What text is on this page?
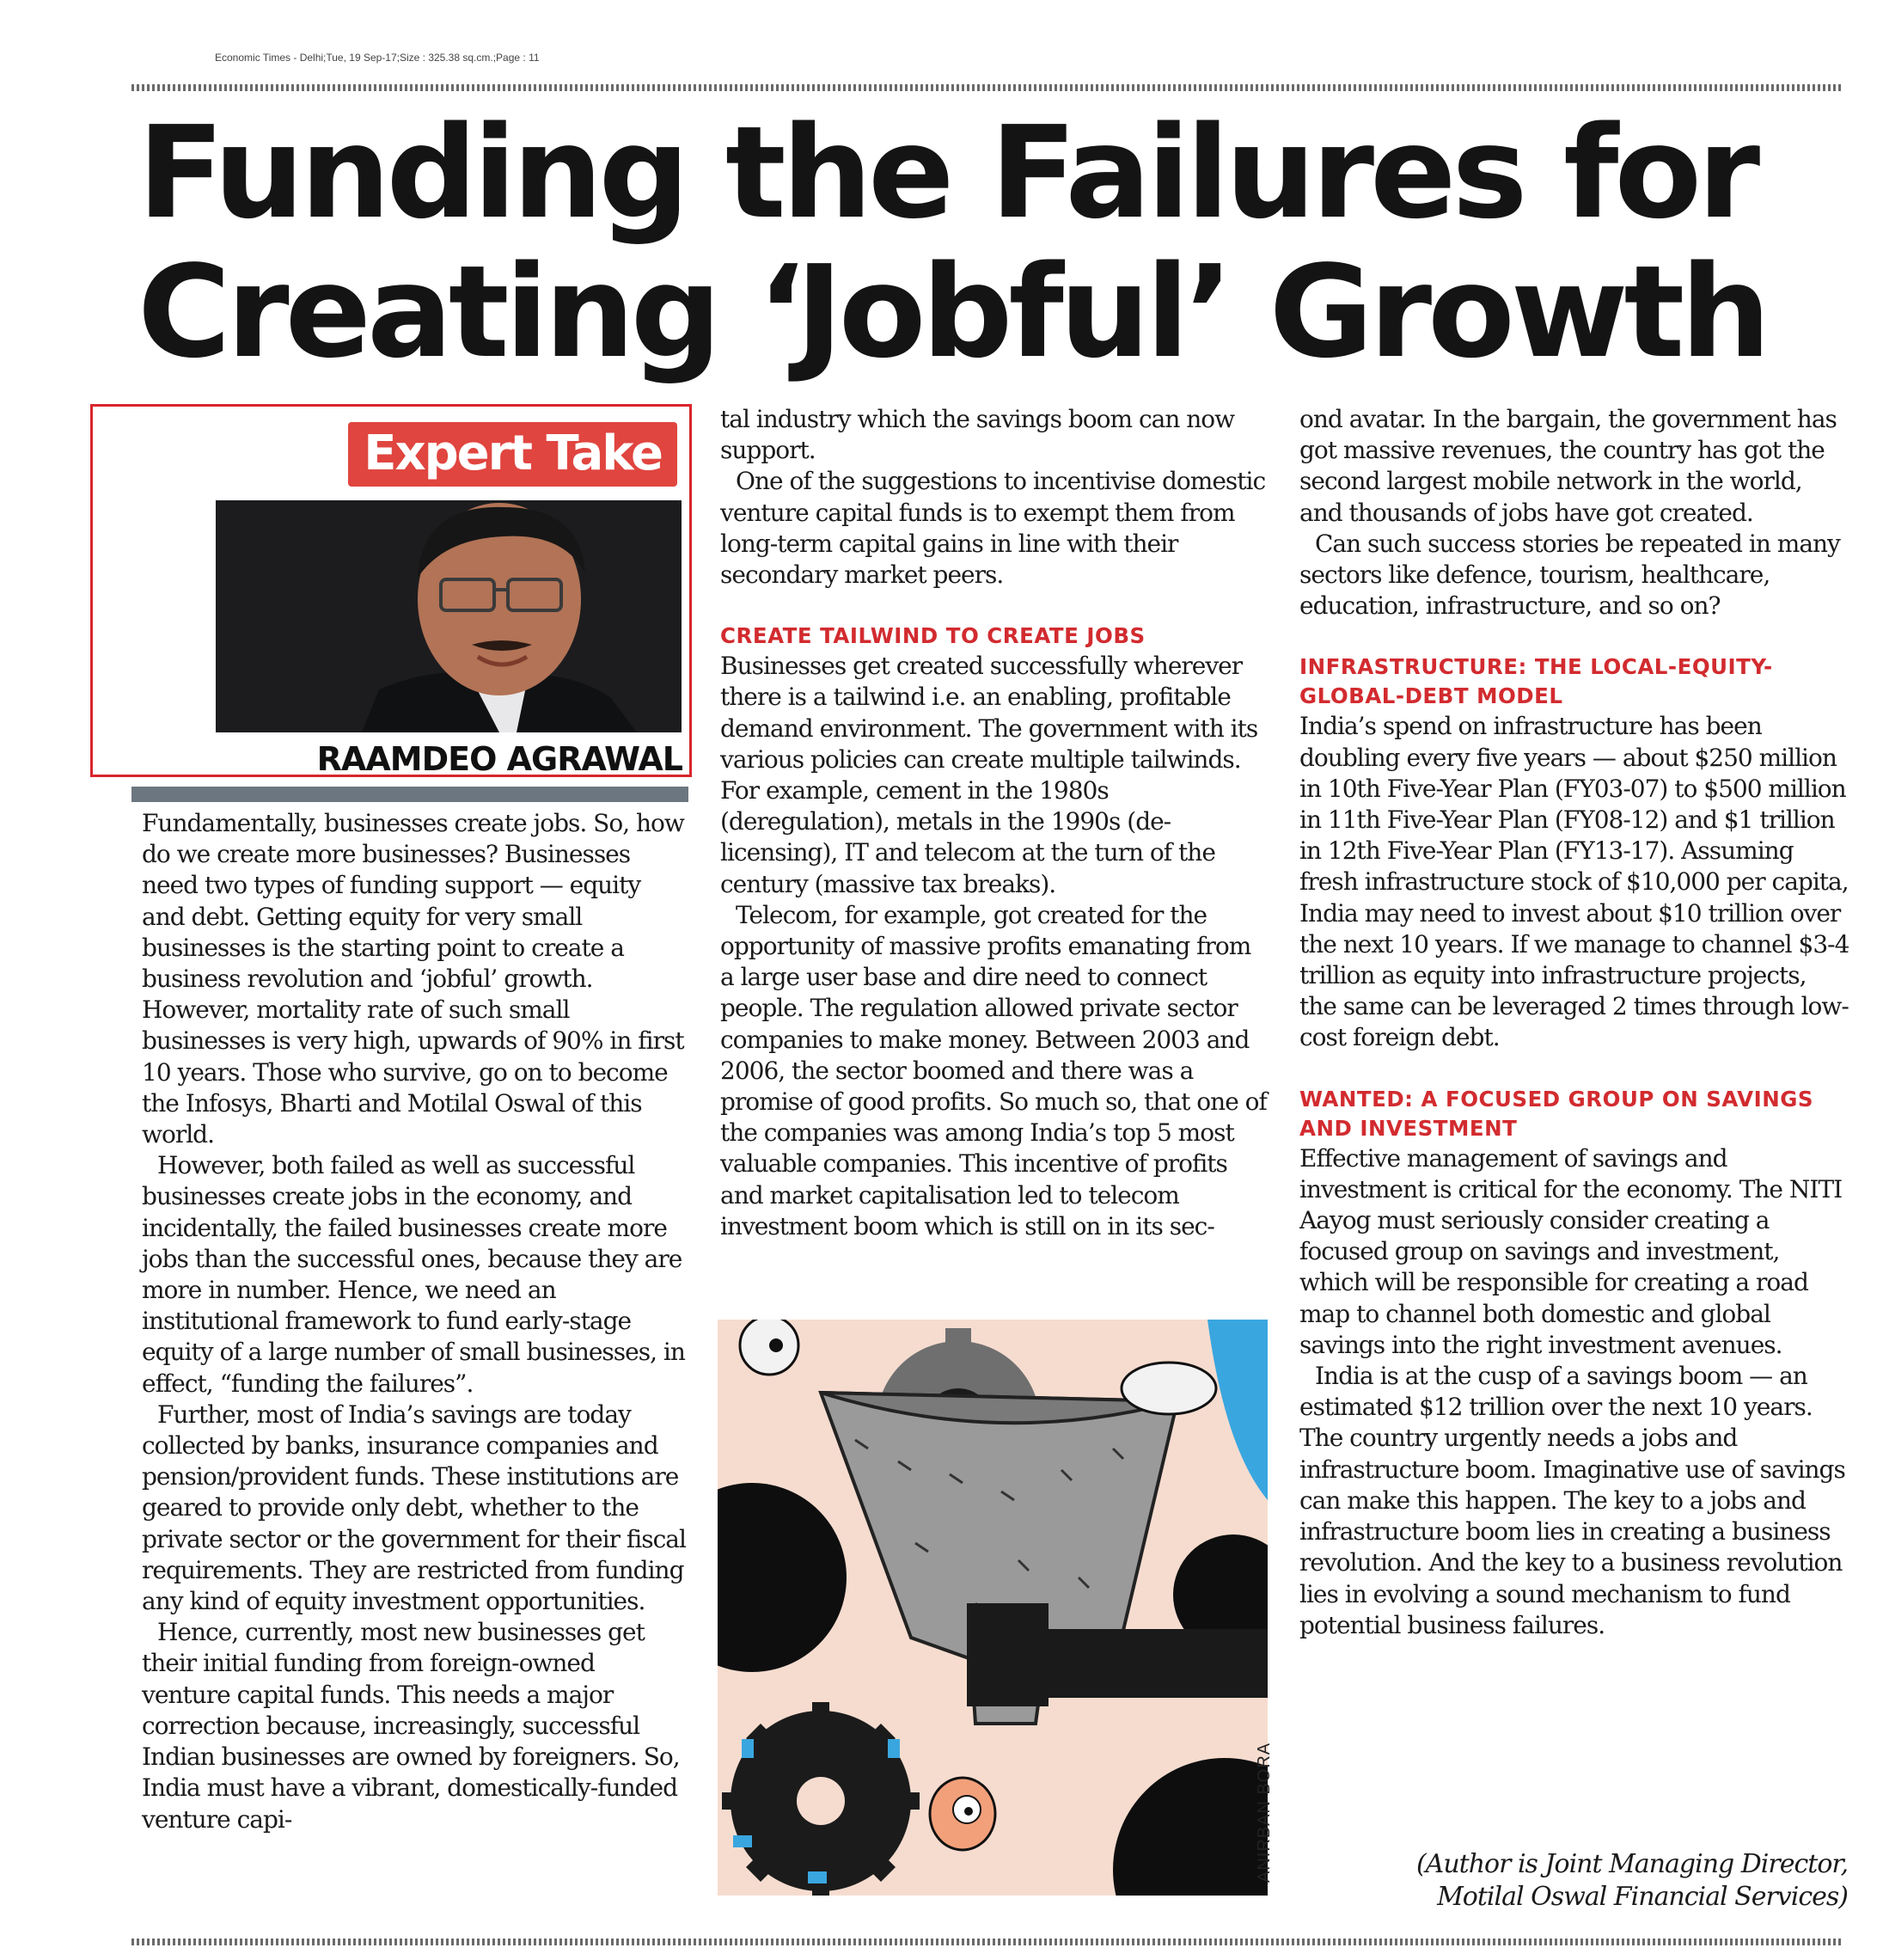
Economic Times - Delhi;Tue, 19 Sep-17;Size : 325.38 sq.cm.;Page : 11
Funding the Failures for
Creating ‘Jobful’ Growth
Expert Take
RAAMDEO AGRAWAL

Fundamentally, businesses create jobs. So, how do we create more businesses? Businesses need two types of funding support — equity and debt. Getting equity for very small businesses is the starting point to create a business revolution and ‘jobful’ growth. However, mortality rate of such small businesses is very high, upwards of 90% in first 10 years. Those who survive, go on to become the Infosys, Bharti and Motilal Oswal of this world.

However, both failed as well as successful businesses create jobs in the economy, and incidentally, the failed businesses create more jobs than the successful ones, because they are more in number. Hence, we need an institutional framework to fund early-stage equity of a large number of small businesses, in effect, “funding the failures”.

Further, most of India’s savings are today collected by banks, insurance companies and pension/provident funds. These institutions are geared to provide only debt, whether to the private sector or the government for their fiscal requirements. They are restricted from funding any kind of equity investment opportunities.

Hence, currently, most new businesses get their initial funding from foreign-owned venture capital funds. This needs a major correction because, increasingly, successful Indian businesses are owned by foreigners. So, India must have a vibrant, domestically-funded venture capi-

tal industry which the savings boom can now support.

One of the suggestions to incentivise domestic venture capital funds is to exempt them from long-term capital gains in line with their secondary market peers.

CREATE TAILWIND TO CREATE JOBS

Businesses get created successfully wherever there is a tailwind i.e. an enabling, profitable demand environment. The government with its various policies can create multiple tailwinds. For example, cement in the 1980s (deregulation), metals in the 1990s (de-licensing), IT and telecom at the turn of the century (massive tax breaks).

Telecom, for example, got created for the opportunity of massive profits emanating from a large user base and dire need to connect people. The regulation allowed private sector companies to make money. Between 2003 and 2006, the sector boomed and there was a promise of good profits. So much so, that one of the companies was among India’s top 5 most valuable companies. This incentive of profits and market capitalisation led to telecom investment boom which is still on in its sec-

ANIRBAN BORA

ond avatar. In the bargain, the government has got massive revenues, the country has got the second largest mobile network in the world, and thousands of jobs have got created.

Can such success stories be repeated in many sectors like defence, tourism, healthcare, education, infrastructure, and so on?

INFRASTRUCTURE: THE LOCAL-EQUITY-GLOBAL-DEBT MODEL

India’s spend on infrastructure has been doubling every five years — about $250 million in 10th Five-Year Plan (FY03-07) to $500 million in 11th Five-Year Plan (FY08-12) and $1 trillion in 12th Five-Year Plan (FY13-17). Assuming fresh infrastructure stock of $10,000 per capita, India may need to invest about $10 trillion over the next 10 years. If we manage to channel $3-4 trillion as equity into infrastructure projects, the same can be leveraged 2 times through low-cost foreign debt.

WANTED: A FOCUSED GROUP ON SAVINGS AND INVESTMENT

Effective management of savings and investment is critical for the economy. The NITI Aayog must seriously consider creating a focused group on savings and investment, which will be responsible for creating a road map to channel both domestic and global savings into the right investment avenues.

India is at the cusp of a savings boom — an estimated $12 trillion over the next 10 years. The country urgently needs a jobs and infrastructure boom. Imaginative use of savings can make this happen. The key to a jobs and infrastructure boom lies in creating a business revolution. And the key to a business revolution lies in evolving a sound mechanism to fund potential business failures.

(Author is Joint Managing Director,
Motilal Oswal Financial Services)
